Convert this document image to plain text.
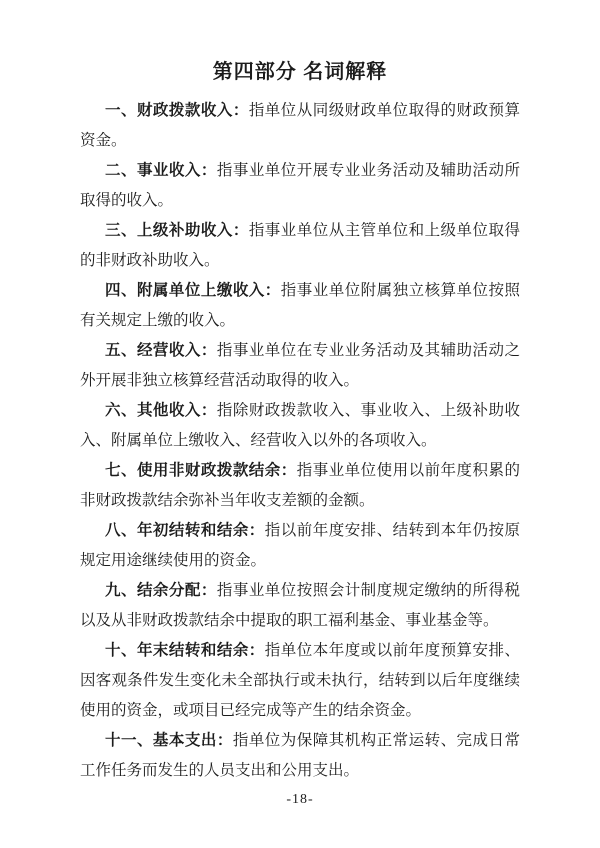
第四部分 名词解释

一、财政拨款收入：指单位从同级财政单位取得的财政预算资金。

二、事业收入：指事业单位开展专业业务活动及辅助活动所取得的收入。

三、上级补助收入：指事业单位从主管单位和上级单位取得的非财政补助收入。

四、附属单位上缴收入：指事业单位附属独立核算单位按照有关规定上缴的收入。

五、经营收入：指事业单位在专业业务活动及其辅助活动之外开展非独立核算经营活动取得的收入。

六、其他收入：指除财政拨款收入、事业收入、上级补助收入、附属单位上缴收入、经营收入以外的各项收入。

七、使用非财政拨款结余：指事业单位使用以前年度积累的非财政拨款结余弥补当年收支差额的金额。

八、年初结转和结余：指以前年度安排、结转到本年仍按原规定用途继续使用的资金。

九、结余分配：指事业单位按照会计制度规定缴纳的所得税以及从非财政拨款结余中提取的职工福利基金、事业基金等。

十、年末结转和结余：指单位本年度或以前年度预算安排、因客观条件发生变化未全部执行或未执行，结转到以后年度继续使用的资金，或项目已经完成等产生的结余资金。

十一、基本支出：指单位为保障其机构正常运转、完成日常工作任务而发生的人员支出和公用支出。

-18-
